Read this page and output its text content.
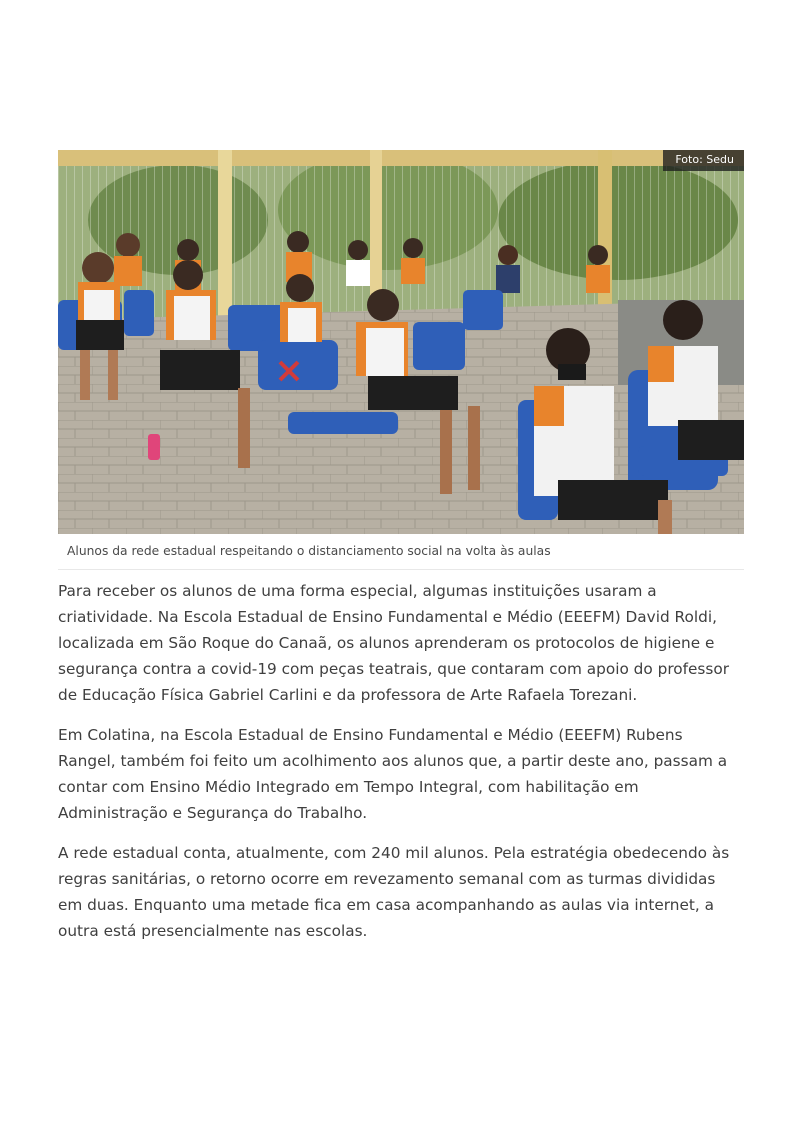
Foto: Sedu
Alunos da rede estadual respeitando o distanciamento social na volta às aulas

Para receber os alunos de uma forma especial, algumas instituições usaram a criatividade. Na Escola Estadual de Ensino Fundamental e Médio (EEEFM) David Roldi, localizada em São Roque do Canaã, os alunos aprenderam os protocolos de higiene e segurança contra a covid-19 com peças teatrais, que contaram com apoio do professor de Educação Física Gabriel Carlini e da professora de Arte Rafaela Torezani.

Em Colatina, na Escola Estadual de Ensino Fundamental e Médio (EEEFM) Rubens Rangel, também foi feito um acolhimento aos alunos que, a partir deste ano, passam a contar com Ensino Médio Integrado em Tempo Integral, com habilitação em Administração e Segurança do Trabalho.

A rede estadual conta, atualmente, com 240 mil alunos. Pela estratégia obedecendo às regras sanitárias, o retorno ocorre em revezamento semanal com as turmas divididas em duas. Enquanto uma metade fica em casa acompanhando as aulas via internet, a outra está presencialmente nas escolas.
